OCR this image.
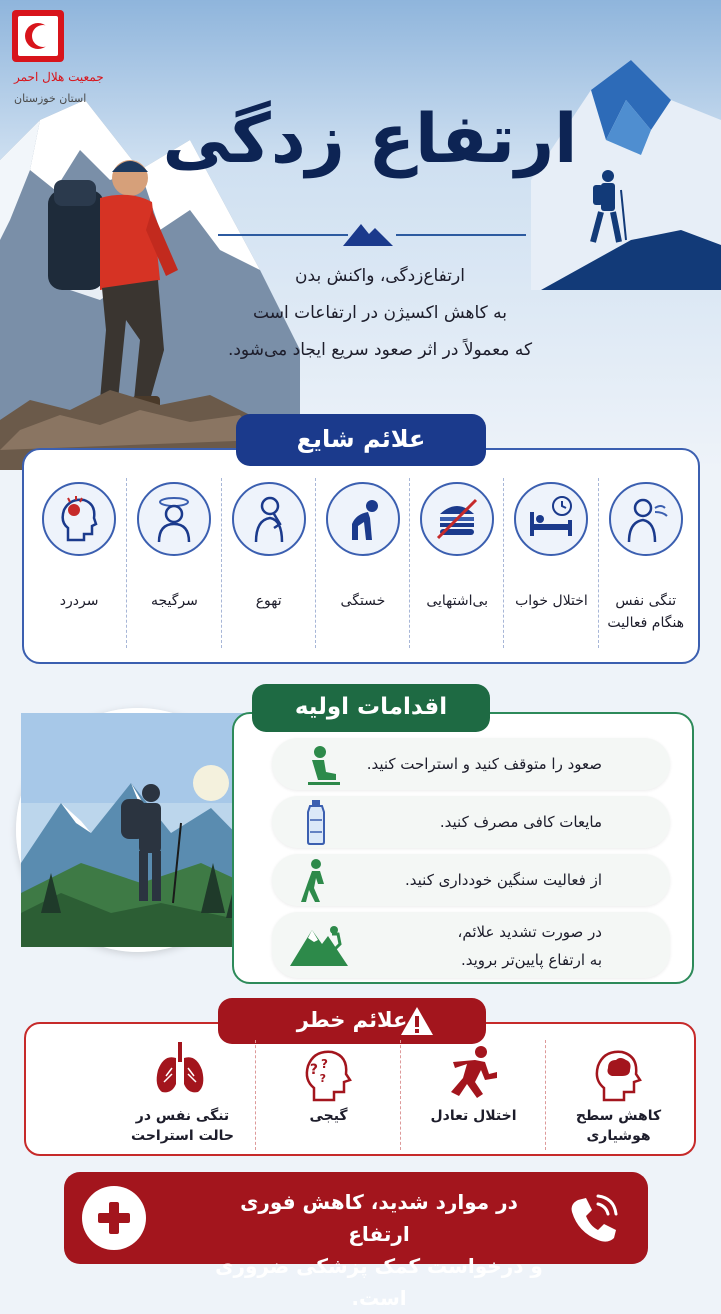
جمعیت هلال احمر
استان خوزستان
ارتفاع زدگی
ارتفاع‌زدگی، واکنش بدن
به کاهش اکسیژن در ارتفاعات است
که معمولاً در اثر صعود سریع ایجاد می‌شود.
علائم شایع
تنگی نفس هنگام فعالیت
اختلال خواب
بی‌اشتهایی
خستگی
تهوع
سرگیجه
سردرد
اقدامات اولیه
صعود را متوقف کنید و استراحت کنید.
مایعات کافی مصرف کنید.
از فعالیت سنگین خودداری کنید.
در صورت تشدید علائم،
به ارتفاع پایین‌تر بروید.
علائم خطر
کاهش سطح هوشیاری
اختلال تعادل
? ?
?
گیجی
تنگی نفس در
حالت استراحت
در موارد شدید، کاهش فوری ارتفاع
و درخواست کمک پزشکی ضروری است.
